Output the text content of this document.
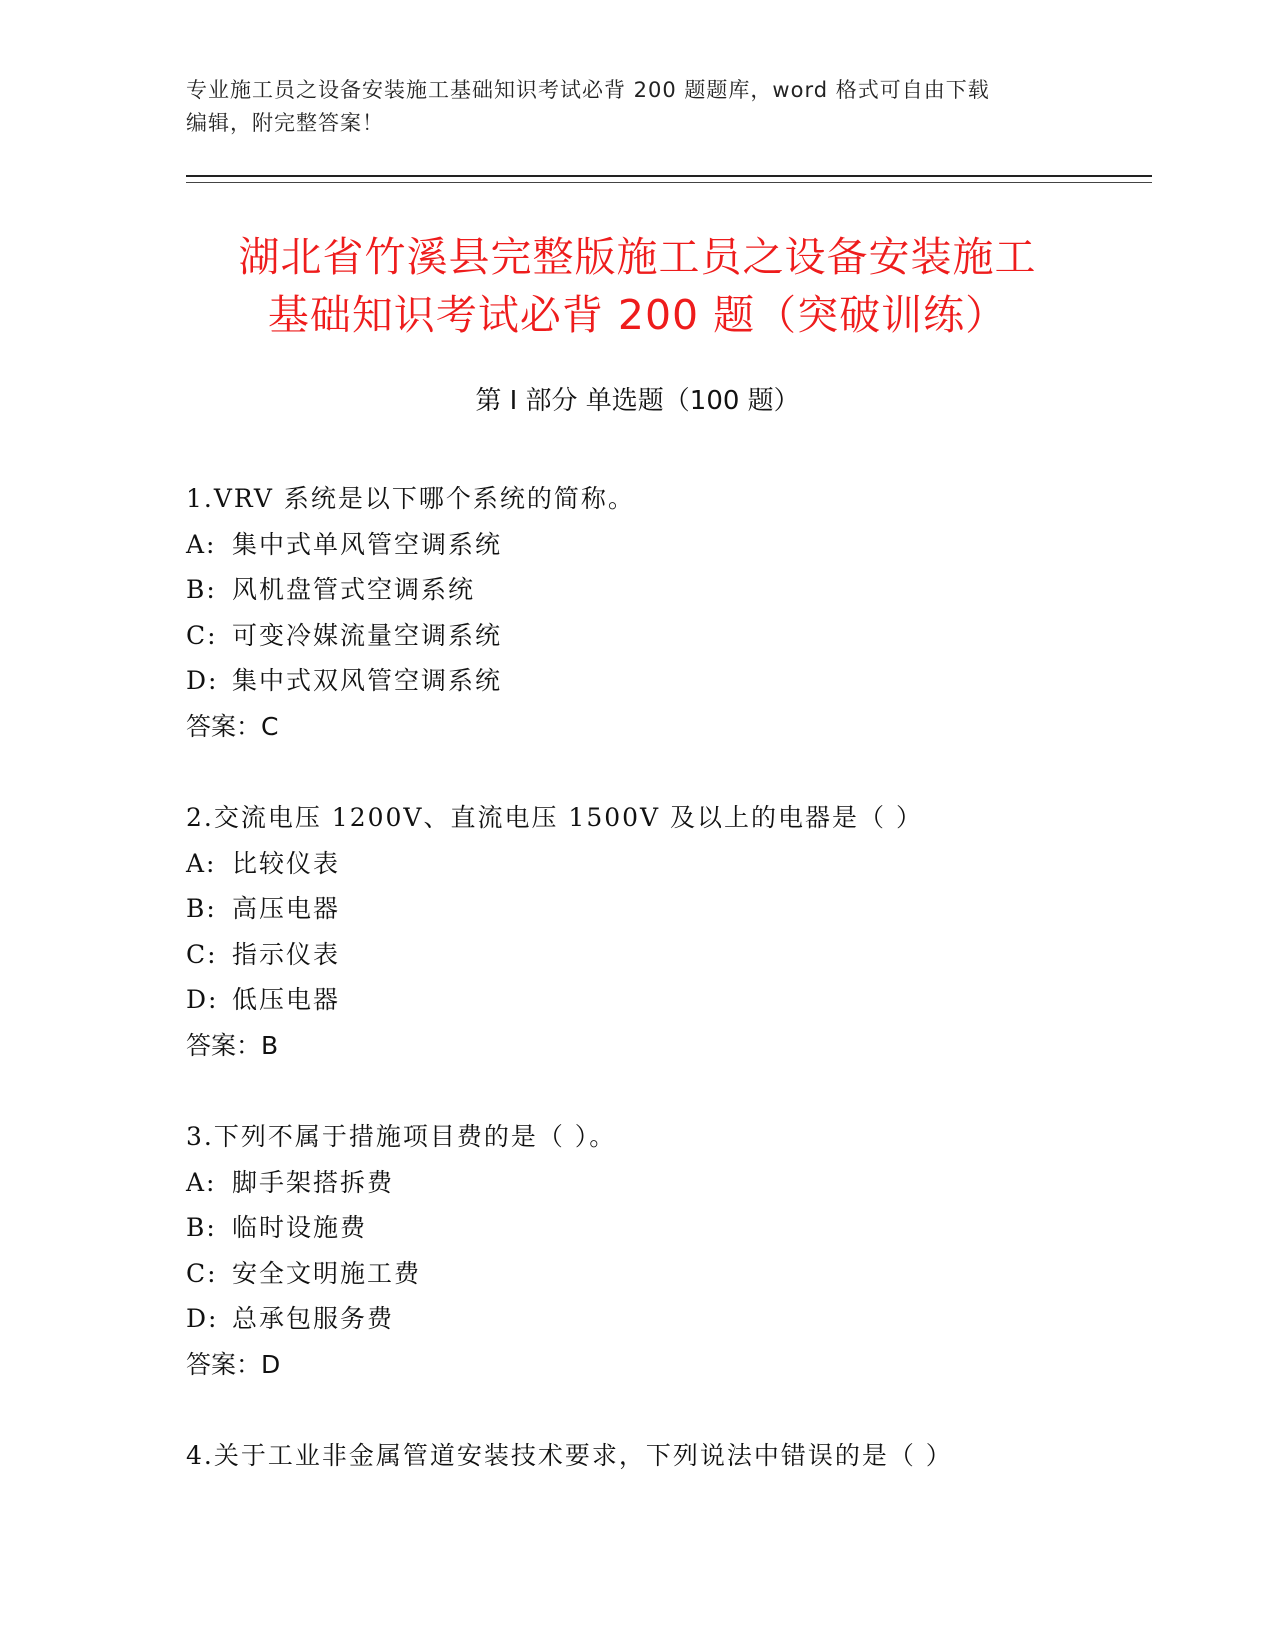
专业施工员之设备安装施工基础知识考试必背 200 题题库，word 格式可自由下载
编辑，附完整答案！
湖北省竹溪县完整版施工员之设备安装施工
基础知识考试必背 200 题（突破训练）
第 I 部分 单选题（100 题）
1.VRV 系统是以下哪个系统的简称。
A: 集中式单风管空调系统
B: 风机盘管式空调系统
C: 可变冷媒流量空调系统
D: 集中式双风管空调系统
答案：C
2.交流电压 1200V、直流电压 1500V 及以上的电器是（ ）
A: 比较仪表
B: 高压电器
C: 指示仪表
D: 低压电器
答案：B
3.下列不属于措施项目费的是（ ）。
A: 脚手架搭拆费
B: 临时设施费
C: 安全文明施工费
D: 总承包服务费
答案：D
4.关于工业非金属管道安装技术要求，下列说法中错误的是（ ）
